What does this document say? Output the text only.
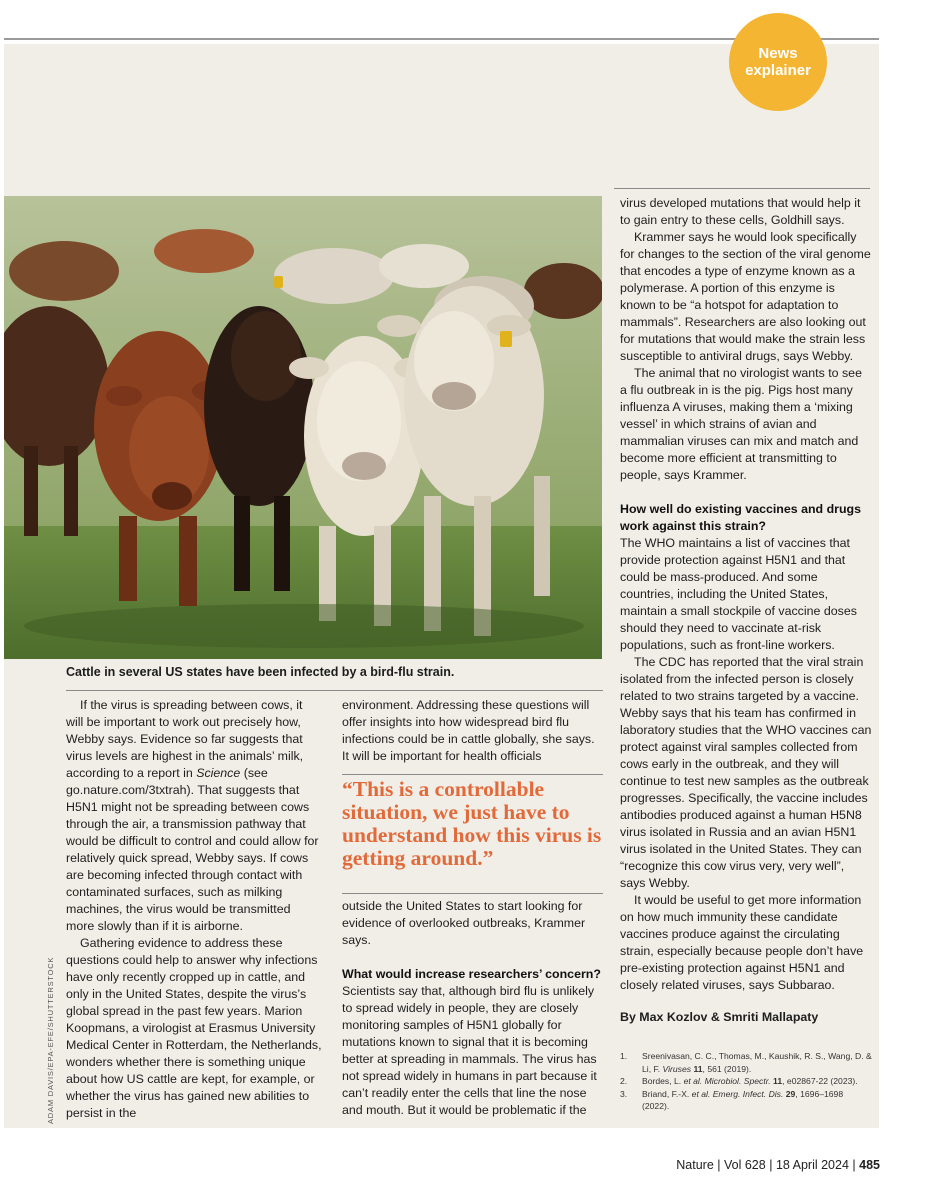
News
explainer
ADAM DAVIS/EPA-EFE/SHUTTERSTOCK
Cattle in several US states have been infected by a bird-flu strain.

If the virus is spreading between cows, it will be important to work out precisely how, Webby says. Evidence so far suggests that virus levels are highest in the animals’ milk, according to a report in Science (see go.nature.com/3txtrah). That suggests that H5N1 might not be spreading between cows through the air, a transmission pathway that would be difficult to control and could allow for relatively quick spread, Webby says. If cows are becoming infected through contact with contaminated surfaces, such as milking machines, the virus would be transmitted more slowly than if it is airborne.

Gathering evidence to address these questions could help to answer why infections have only recently cropped up in cattle, and only in the United States, despite the virus’s global spread in the past few years. Marion Koopmans, a virologist at Erasmus University Medical Center in Rotterdam, the Netherlands, wonders whether there is something unique about how US cattle are kept, for example, or whether the virus has gained new abilities to persist in the

environment. Addressing these questions will offer insights into how widespread bird flu infections could be in cattle globally, she says. It will be important for health officials

“This is a controllable situation, we just have to understand how this virus is getting around.”

outside the United States to start looking for evidence of overlooked outbreaks, Krammer says.

What would increase researchers’ concern?

Scientists say that, although bird flu is unlikely to spread widely in people, they are closely monitoring samples of H5N1 globally for mutations known to signal that it is becoming better at spreading in mammals. The virus has not spread widely in humans in part because it can’t readily enter the cells that line the nose and mouth. But it would be problematic if the

virus developed mutations that would help it to gain entry to these cells, Goldhill says.

Krammer says he would look specifically for changes to the section of the viral genome that encodes a type of enzyme known as a polymerase. A portion of this enzyme is known to be “a hotspot for adaptation to mammals”. Researchers are also looking out for mutations that would make the strain less susceptible to antiviral drugs, says Webby.

The animal that no virologist wants to see a flu outbreak in is the pig. Pigs host many influenza A viruses, making them a ‘mixing vessel’ in which strains of avian and mammalian viruses can mix and match and become more efficient at transmitting to people, says Krammer.

How well do existing vaccines and drugs work against this strain?

The WHO maintains a list of vaccines that provide protection against H5N1 and that could be mass-produced. And some countries, including the United States, maintain a small stockpile of vaccine doses should they need to vaccinate at-risk populations, such as front-line workers.

The CDC has reported that the viral strain isolated from the infected person is closely related to two strains targeted by a vaccine. Webby says that his team has confirmed in laboratory studies that the WHO vaccines can protect against viral samples collected from cows early in the outbreak, and they will continue to test new samples as the outbreak progresses. Specifically, the vaccine includes antibodies produced against a human H5N8 virus isolated in Russia and an avian H5N1 virus isolated in the United States. They can “recognize this cow virus very, very well”, says Webby.

It would be useful to get more information on how much immunity these candidate vaccines produce against the circulating strain, especially because people don’t have pre-existing protection against H5N1 and closely related viruses, says Subbarao.

By Max Kozlov & Smriti Mallapaty
1. Sreenivasan, C. C., Thomas, M., Kaushik, R. S., Wang, D. & Li, F. Viruses 11, 561 (2019).
2. Bordes, L. et al. Microbiol. Spectr. 11, e02867-22 (2023).
3. Briand, F.-X. et al. Emerg. Infect. Dis. 29, 1696–1698 (2022).
Nature | Vol 628 | 18 April 2024 | 485
